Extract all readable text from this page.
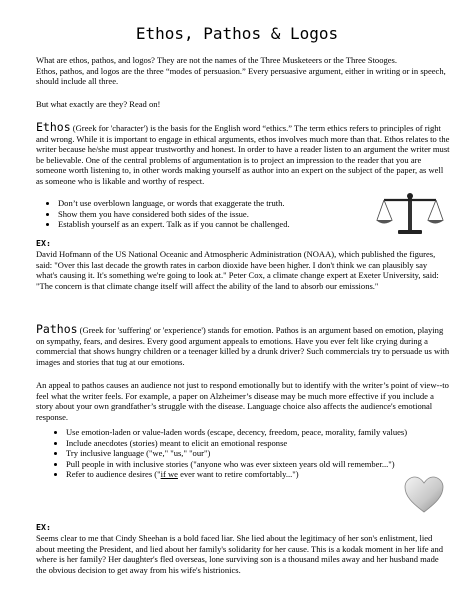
Ethos, Pathos & Logos

What are ethos, pathos, and logos? They are not the names of the Three Musketeers or the Three Stooges.

Ethos, pathos, and logos are the three “modes of persuasion.” Every persuasive argument, either in writing or in speech, should include all three.

But what exactly are they? Read on!

Ethos (Greek for 'character') is the basis for the English word “ethics.” The term ethics refers to principles of right and wrong. While it is important to engage in ethical arguments, ethos involves much more than that. Ethos relates to the writer because he/she must appear trustworthy and honest. In order to have a reader listen to an argument the writer must be believable. One of the central problems of argumentation is to project an impression to the reader that you are someone worth listening to, in other words making yourself as author into an expert on the subject of the paper, as well as someone who is likable and worthy of respect.

• Don’t use overblown language, or words that exaggerate the truth.
• Show them you have considered both sides of the issue.
• Establish yourself as an expert. Talk as if you cannot be challenged.
EX:

David Hofmann of the US National Oceanic and Atmospheric Administration (NOAA), which published the figures, said: "Over this last decade the growth rates in carbon dioxide have been higher. I don't think we can plausibly say what's causing it. It's something we're going to look at." Peter Cox, a climate change expert at Exeter University, said: "The concern is that climate change itself will affect the ability of the land to absorb our emissions."

Pathos (Greek for 'suffering' or 'experience') stands for emotion. Pathos is an argument based on emotion, playing on sympathy, fears, and desires. Every good argument appeals to emotions. Have you ever felt like crying during a commercial that shows hungry children or a teenager killed by a drunk driver? Such commercials try to persuade us with images and stories that tug at our emotions.

An appeal to pathos causes an audience not just to respond emotionally but to identify with the writer’s point of view--to feel what the writer feels. For example, a paper on Alzheimer’s disease may be much more effective if you include a story about your own grandfather’s struggle with the disease. Language choice also affects the audience's emotional response.

• Use emotion-laden or value-laden words (escape, decency, freedom, peace, morality, family values)
• Include anecdotes (stories) meant to elicit an emotional response
• Try inclusive language ("we," "us," "our")
• Pull people in with inclusive stories ("anyone who was ever sixteen years old will remember...")
• Refer to audience desires ("if we ever want to retire comfortably...")
EX:

Seems clear to me that Cindy Sheehan is a bold faced liar. She lied about the legitimacy of her son's enlistment, lied about meeting the President, and lied about her family's solidarity for her cause. This is a kodak moment in her life and where is her family? Her daughter's fled overseas, lone surviving son is a thousand miles away and her husband made the obvious decision to get away from his wife's histrionics.
